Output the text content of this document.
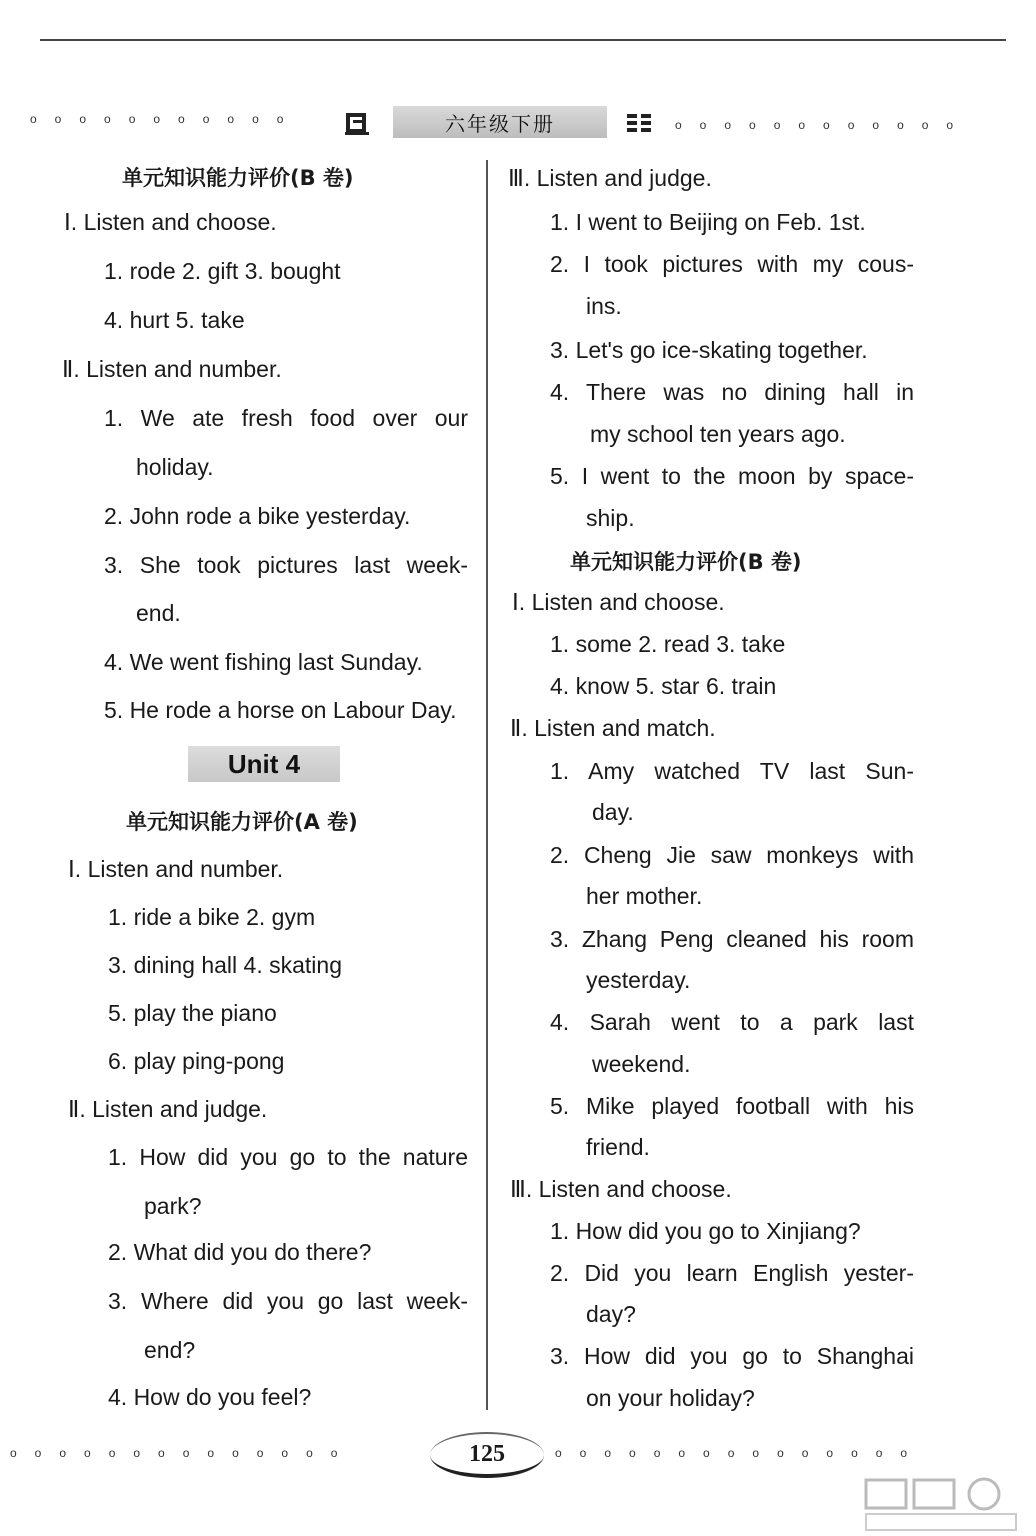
ooooooooooo	六年级下册	oooooooooooo
单元知识能力评价(B 卷)
Ⅰ. Listen and choose.
1. rode 2. gift 3. bought
4. hurt 5. take
Ⅱ. Listen and number.
1. We ate fresh food over our
holiday.
2. John rode a bike yesterday.
3. She took pictures last week-
end.
4. We went fishing last Sunday.
5. He rode a horse on Labour Day.
Unit 4
单元知识能力评价(A 卷)
Ⅰ. Listen and number.
1. ride a bike 2. gym
3. dining hall 4. skating
5. play the piano
6. play ping-pong
Ⅱ. Listen and judge.
1. How did you go to the nature
park?
2. What did you do there?
3. Where did you go last week-
end?
4. How do you feel?
Ⅲ. Listen and judge.
1. I went to Beijing on Feb. 1st.
2. I took pictures with my cous-
ins.
3. Let's go ice-skating together.
4. There was no dining hall in
my school ten years ago.
5. I went to the moon by space-
ship.
单元知识能力评价(B 卷)
Ⅰ. Listen and choose.
1. some 2. read 3. take
4. know 5. star 6. train
Ⅱ. Listen and match.
1. Amy watched TV last Sun-
day.
2. Cheng Jie saw monkeys with
her mother.
3. Zhang Peng cleaned his room
yesterday.
4. Sarah went to a park last
weekend.
5. Mike played football with his
friend.
Ⅲ. Listen and choose.
1. How did you go to Xinjiang?
2. Did you learn English yester-
day?
3. How did you go to Shanghai
on your holiday?
oooooooooooooo	125	ooooooooooooooo
